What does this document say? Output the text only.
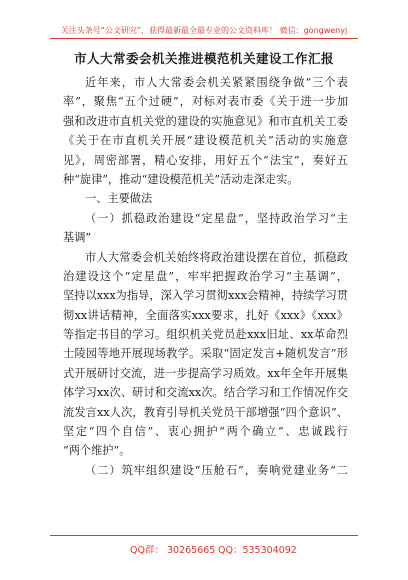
关注头条号“公文研究”，获得最新最全最专业的公文资料库！ 微信：gongwenyj
市人大常委会机关推进模范机关建设工作汇报
近年来，市人大常委会机关紧紧围绕争做“三个表
率”，聚焦“五个过硬”，对标对表市委《关于进一步加
强和改进市直机关党的建设的实施意见》和市直机关工委
《关于在市直机关开展“建设模范机关”活动的实施意
见》，周密部署，精心安排，用好五个“法宝”，奏好五
种“旋律”，推动“建设模范机关”活动走深走实。
一、主要做法
（一）抓稳政治建设“定星盘”，坚持政治学习“主
基调”
市人大常委会机关始终将政治建设摆在首位，抓稳政
治建设这个“定星盘”，牢牢把握政治学习“主基调”，
坚持以xxx为指导，深入学习贯彻xxx会精神，持续学习贯
彻xx讲话精神，全面落实xxx要求，扎好《xxx》《xxx》
等指定书目的学习。组织机关党员赴xxx旧址、xx革命烈
士陵园等地开展现场教学。采取“固定发言+随机发言”形
式开展研讨交流，进一步提高学习质效。xx年全年开展集
体学习xx次、研讨和交流xx次。结合学习和工作情况作交
流发言xx人次，教育引导机关党员干部增强“四个意识”、
坚定“四个自信”、衷心拥护“两个确立”、忠诚践行
“两个维护”。
（二）筑牢组织建设“压舱石”，奏响党建业务“二
QQ群： 30265665 QQ：535304092
